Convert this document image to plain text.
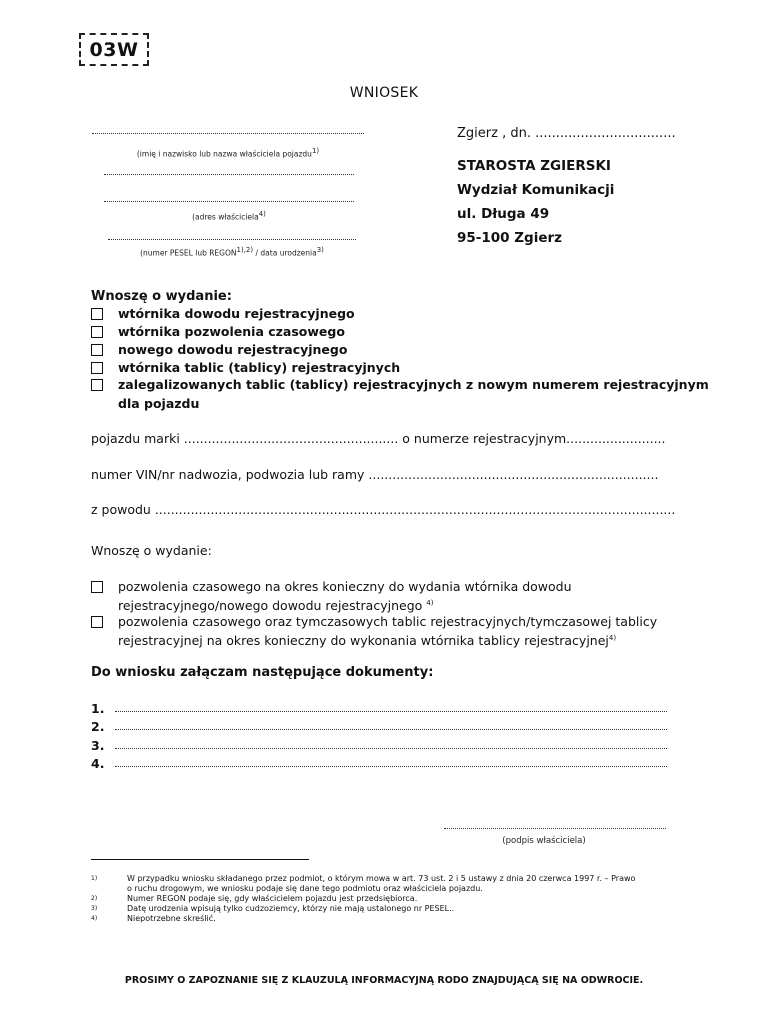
03W
WNIOSEK
(imię i nazwisko lub nazwa właściciela pojazdu$^{1)}$
(adres właściciela$^{4)}$
(numer PESEL lub $REGON^{1),2)}$ / data urodzenia$^{3)}$
Zgierz , dn. ..................................
STAROSTA ZGIERSKI
Wydział Komunikacji
ul. Długa 49
95-100 Zgierz
Wnoszę o wydanie:
wtórnika dowodu rejestracyjnego
wtórnika pozwolenia czasowego
nowego dowodu rejestracyjnego
wtórnika tablic (tablicy) rejestracyjnych
zalegalizowanych tablic (tablicy) rejestracyjnych z nowym numerem rejestracyjnym
dla pojazdu
pojazdu marki ...................................................... o numerze rejestracyjnym.........................
numer VIN/nr nadwozia, podwozia lub ramy .........................................................................
z powodu ...................................................................................................................................
Wnoszę o wydanie:
pozwolenia czasowego na okres konieczny do wydania wtórnika dowodu
rejestracyjnego/nowego dowodu rejestracyjnego $^{4)}$
pozwolenia czasowego oraz tymczasowych tablic rejestracyjnych/tymczasowej tablicy
rejestracyjnej na okres konieczny do wykonania wtórnika tablicy rejestracyjnej$^{4)}$
Do wniosku załączam następujące dokumenty:
1.
2.
3.
4.
(podpis właściciela)
1)	W przypadku wniosku składanego przez podmiot, o którym mowa w art. 73 ust. 2 i 5 ustawy z dnia 20 czerwca 1997 r. – Prawo
o ruchu drogowym, we wniosku podaje się dane tego podmiotu oraz właściciela pojazdu.
2)	Numer REGON podaje się, gdy właścicielem pojazdu jest przedsiębiorca.
3)	Datę urodzenia wpisują tylko cudzoziemcy, którzy nie mają ustalonego nr PESEL..
4)	Niepotrzebne skreślić.
PROSIMY O ZAPOZNANIE SIĘ Z KLAUZULĄ INFORMACYJNĄ RODO ZNAJDUJĄCĄ SIĘ NA ODWROCIE.
